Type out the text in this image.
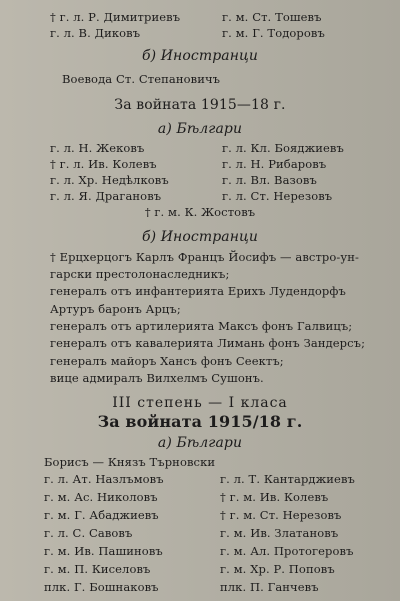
† г. л. Р. Димитриевъ	г. м. Ст. Тошевъ
г. л. В. Диковъ	г. м. Г. Тодоровъ
б) Иностранци
Воевода Ст. Степановичъ
За войната 1915—18 г.
а) Бѣлгари
г. л. Н. Жековъ	г. л. Кл. Бояджиевъ
† г. л. Ив. Колевъ	г. л. Н. Рибаровъ
г. л. Хр. Недѣлковъ	г. л. Вл. Вазовъ
г. л. Я. Драгановъ	г. л. Ст. Нерезовъ
† г. м. К. Жостовъ
б) Иностранци
† Ерцхерцогъ Карлъ Францъ Йосифъ — австро-ун-
гарски престолонаследникъ;
генералъ отъ инфантерията Ерихъ Лудендорфъ
Артуръ баронъ Арцъ;
генералъ отъ артилерията Максъ фонъ Галвицъ;
генералъ отъ кавалерията Лимань фонъ Зандерсъ;
генералъ майоръ Хансъ фонъ Сеектъ;
вице адмиралъ Вилхелмъ Сушонъ.
III степень — I класа
За войната 1915/18 г.
а) Бѣлгари
Борисъ — Князъ Търновски
г. л. Ат. Назлъмовъ	г. л. Т. Кантарджиевъ
г. м. Ас. Николовъ	† г. м. Ив. Колевъ
г. м. Г. Абаджиевъ	† г. м. Ст. Нерезовъ
г. л. С. Савовъ	г. м. Ив. Златановъ
г. м. Ив. Пашиновъ	г. м. Ал. Протогеровъ
г. м. П. Киселовъ	г. м. Хр. Р. Поповъ
плк. Г. Бошнаковъ	плк. П. Ганчевъ
